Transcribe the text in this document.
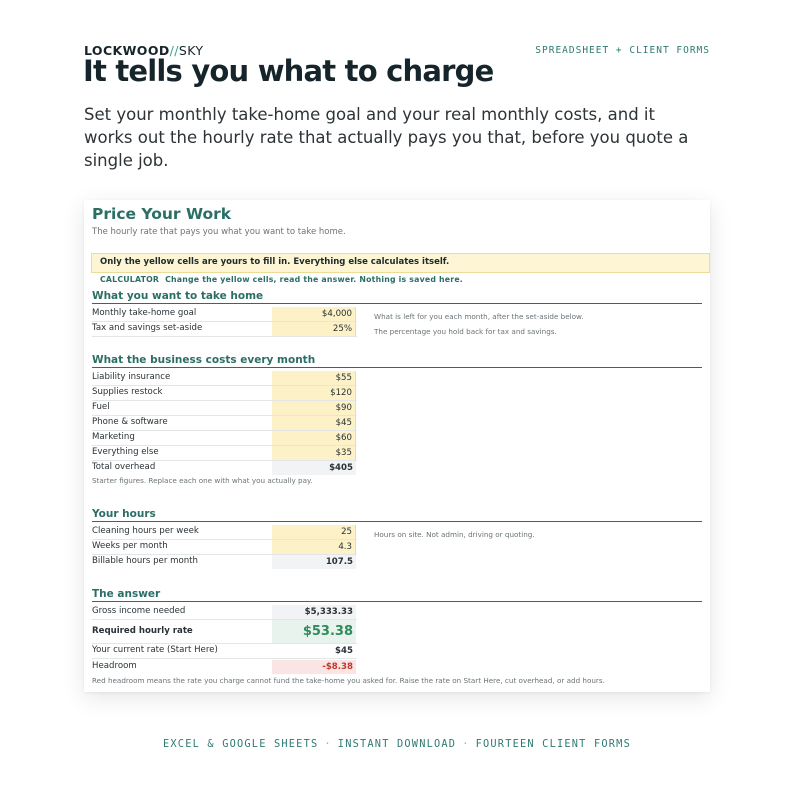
LOCKWOOD//SKY	SPREADSHEET + CLIENT FORMS
It tells you what to charge
Set your monthly take-home goal and your real monthly costs, and it works out the hourly rate that actually pays you that, before you quote a single job.
Price Your Work
The hourly rate that pays you what you want to take home.
Only the yellow cells are yours to fill in. Everything else calculates itself.
CALCULATOR Change the yellow cells, read the answer. Nothing is saved here.
What you want to take home
Monthly take-home goal	$4,000	What is left for you each month, after the set-aside below.
Tax and savings set-aside	25%	The percentage you hold back for tax and savings.
What the business costs every month
Liability insurance	$55
Supplies restock	$120
Fuel	$90
Phone & software	$45
Marketing	$60
Everything else	$35
Total overhead	$405
Starter figures. Replace each one with what you actually pay.
Your hours
Cleaning hours per week	25	Hours on site. Not admin, driving or quoting.
Weeks per month	4.3
Billable hours per month	107.5
The answer
Gross income needed	$5,333.33
Required hourly rate	$53.38
Your current rate (Start Here)	$45
Headroom	-$8.38
Red headroom means the rate you charge cannot fund the take-home you asked for. Raise the rate on Start Here, cut overhead, or add hours.
EXCEL & GOOGLE SHEETS · INSTANT DOWNLOAD · FOURTEEN CLIENT FORMS
